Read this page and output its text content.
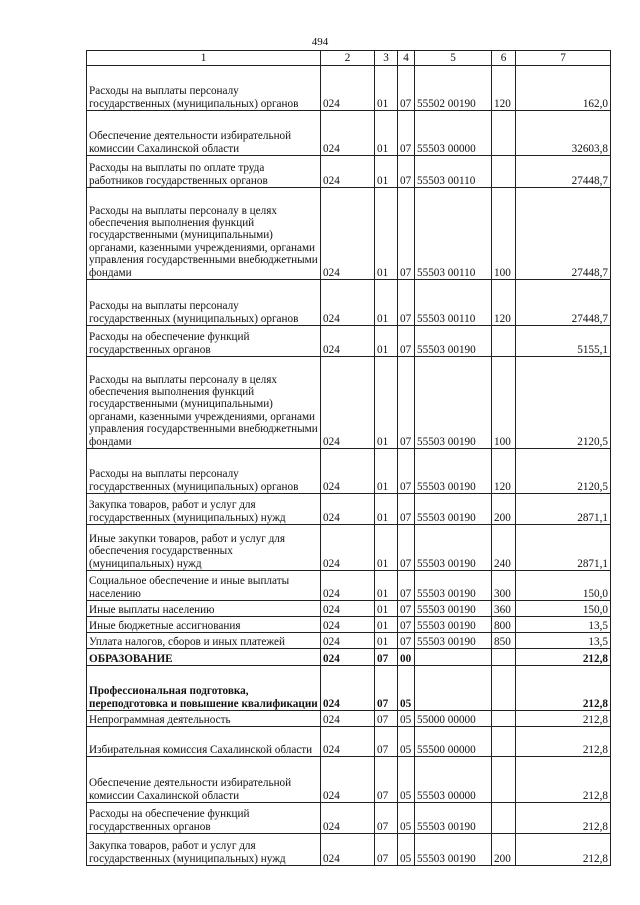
494
1	2	3	4	5	6	7
Расходы на выплаты персоналу государственных (муниципальных) органов	024	01	07	55502 00190	120	162,0
Обеспечение деятельности избирательной комиссии Сахалинской области	024	01	07	55503 00000		32603,8
Расходы на выплаты по оплате труда работников государственных органов	024	01	07	55503 00110		27448,7
Расходы на выплаты персоналу в целях обеспечения выполнения функций государственными (муниципальными) органами, казенными учреждениями, органами управления государственными внебюджетными фондами	024	01	07	55503 00110	100	27448,7
Расходы на выплаты персоналу государственных (муниципальных) органов	024	01	07	55503 00110	120	27448,7
Расходы на обеспечение функций государственных органов	024	01	07	55503 00190		5155,1
Расходы на выплаты персоналу в целях обеспечения выполнения функций государственными (муниципальными) органами, казенными учреждениями, органами управления государственными внебюджетными фондами	024	01	07	55503 00190	100	2120,5
Расходы на выплаты персоналу государственных (муниципальных) органов	024	01	07	55503 00190	120	2120,5
Закупка товаров, работ и услуг для государственных (муниципальных) нужд	024	01	07	55503 00190	200	2871,1
Иные закупки товаров, работ и услуг для обеспечения государственных (муниципальных) нужд	024	01	07	55503 00190	240	2871,1
Социальное обеспечение и иные выплаты населению	024	01	07	55503 00190	300	150,0
Иные выплаты населению	024	01	07	55503 00190	360	150,0
Иные бюджетные ассигнования	024	01	07	55503 00190	800	13,5
Уплата налогов, сборов и иных платежей	024	01	07	55503 00190	850	13,5
ОБРАЗОВАНИЕ	024	07	00			212,8
Профессиональная подготовка, переподготовка и повышение квалификации	024	07	05			212,8
Непрограммная деятельность	024	07	05	55000 00000		212,8
Избирательная комиссия Сахалинской области	024	07	05	55500 00000		212,8
Обеспечение деятельности избирательной комиссии Сахалинской области	024	07	05	55503 00000		212,8
Расходы на обеспечение функций государственных органов	024	07	05	55503 00190		212,8
Закупка товаров, работ и услуг для государственных (муниципальных) нужд	024	07	05	55503 00190	200	212,8
